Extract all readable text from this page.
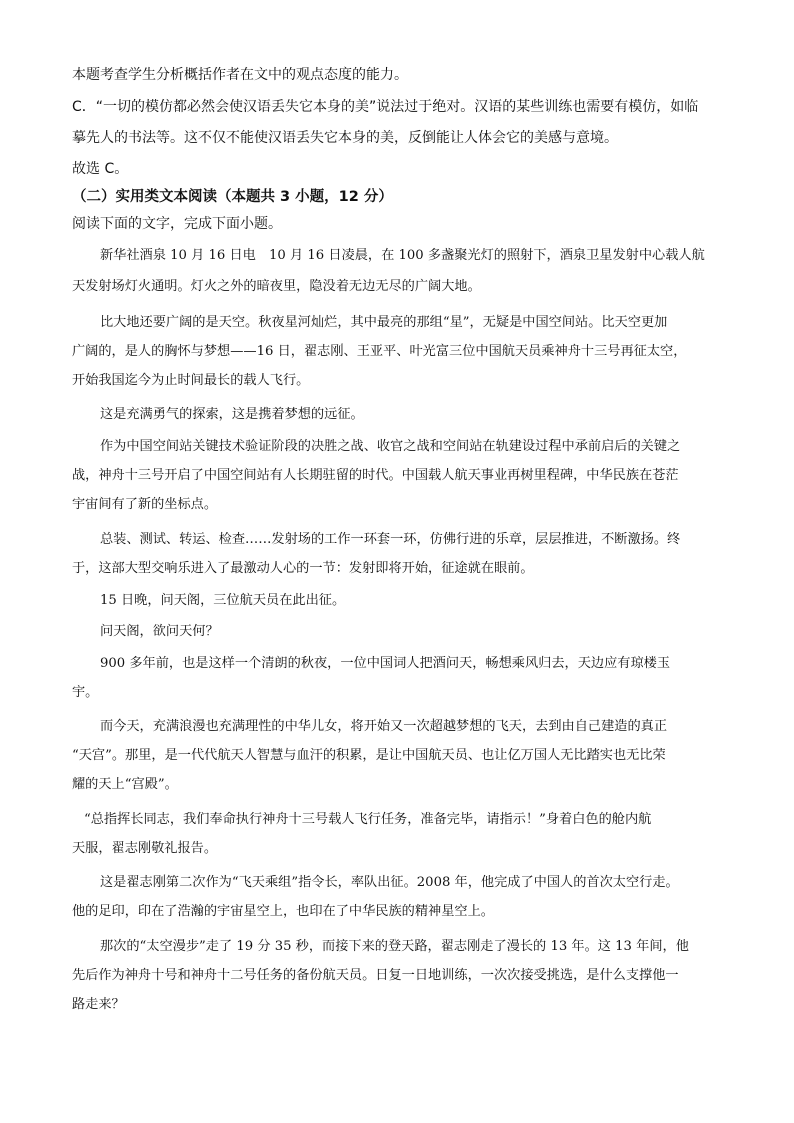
本题考查学生分析概括作者在文中的观点态度的能力。
C．“一切的模仿都必然会使汉语丢失它本身的美”说法过于绝对。汉语的某些训练也需要有模仿，如临
摹先人的书法等。这不仅不能使汉语丢失它本身的美，反倒能让人体会它的美感与意境。
故选 C。
（二）实用类文本阅读（本题共 3 小题，12 分）
阅读下面的文字，完成下面小题。
新华社酒泉 10 月 16 日电　10 月 16 日凌晨，在 100 多盏聚光灯的照射下，酒泉卫星发射中心载人航
天发射场灯火通明。灯火之外的暗夜里，隐没着无边无尽的广阔大地。
比大地还要广阔的是天空。秋夜星河灿烂，其中最亮的那组“星”，无疑是中国空间站。比天空更加
广阔的，是人的胸怀与梦想——16 日，翟志刚、王亚平、叶光富三位中国航天员乘神舟十三号再征太空，
开始我国迄今为止时间最长的载人飞行。
这是充满勇气的探索，这是携着梦想的远征。
作为中国空间站关键技术验证阶段的决胜之战、收官之战和空间站在轨建设过程中承前启后的关键之
战，神舟十三号开启了中国空间站有人长期驻留的时代。中国载人航天事业再树里程碑，中华民族在苍茫
宇宙间有了新的坐标点。
总装、测试、转运、检查……发射场的工作一环套一环，仿佛行进的乐章，层层推进，不断激扬。终
于，这部大型交响乐进入了最激动人心的一节：发射即将开始，征途就在眼前。
15 日晚，问天阁，三位航天员在此出征。
问天阁，欲问天何？
900 多年前，也是这样一个清朗的秋夜，一位中国词人把酒问天，畅想乘风归去，天边应有琼楼玉
宇。
而今天，充满浪漫也充满理性的中华儿女，将开始又一次超越梦想的飞天，去到由自己建造的真正
“天宫”。那里，是一代代航天人智慧与血汗的积累，是让中国航天员、也让亿万国人无比踏实也无比荣
耀的天上“宫殿”。
“总指挥长同志，我们奉命执行神舟十三号载人飞行任务，准备完毕，请指示！”身着白色的舱内航
天服，翟志刚敬礼报告。
这是翟志刚第二次作为“飞天乘组”指令长，率队出征。2008 年，他完成了中国人的首次太空行走。
他的足印，印在了浩瀚的宇宙星空上，也印在了中华民族的精神星空上。
那次的“太空漫步”走了 19 分 35 秒，而接下来的登天路，翟志刚走了漫长的 13 年。这 13 年间，他
先后作为神舟十号和神舟十二号任务的备份航天员。日复一日地训练，一次次接受挑选，是什么支撑他一
路走来？
